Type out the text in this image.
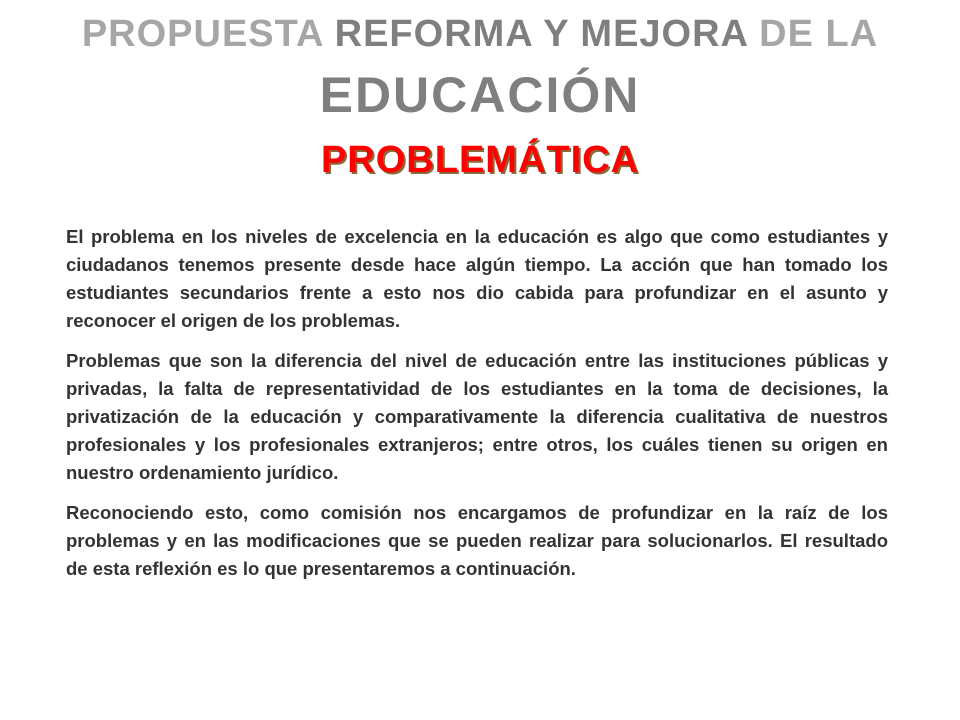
PROPUESTA REFORMA Y MEJORA DE LA
EDUCACIÓN
PROBLEMÁTICA

El problema en los niveles de excelencia en la educación es algo que como estudiantes y ciudadanos tenemos presente desde hace algún tiempo. La acción que han tomado los estudiantes secundarios frente a esto nos dio cabida para profundizar en el asunto y reconocer el origen de los problemas.

Problemas que son la diferencia del nivel de educación entre las instituciones públicas y privadas, la falta de representatividad de los estudiantes en la toma de decisiones, la privatización de la educación y comparativamente la diferencia cualitativa de nuestros profesionales y los profesionales extranjeros; entre otros, los cuáles tienen su origen en nuestro ordenamiento jurídico.

Reconociendo esto, como comisión nos encargamos de profundizar en la raíz de los problemas y en las modificaciones que se pueden realizar para solucionarlos. El resultado de esta reflexión es lo que presentaremos a continuación.
